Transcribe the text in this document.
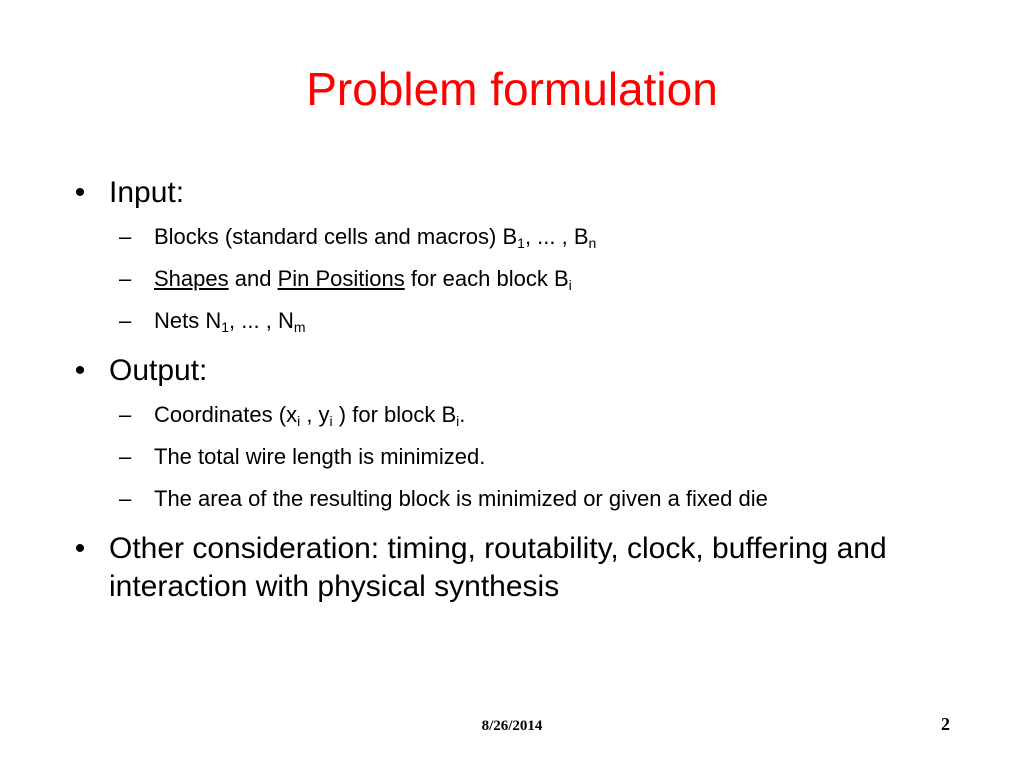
Problem formulation

• Input:

– Blocks (standard cells and macros) $B_1$, ... , $B_n$

– Shapes and Pin Positions for each block $B_i$

– Nets $N_1$, ... , $N_m$

• Output:

– Coordinates ($x_i$ , $y_i$ ) for block $B_i$.

– The total wire length is minimized.

– The area of the resulting block is minimized or given a fixed die

• Other consideration: timing, routability, clock, buffering and interaction with physical synthesis

8/26/2014	2
